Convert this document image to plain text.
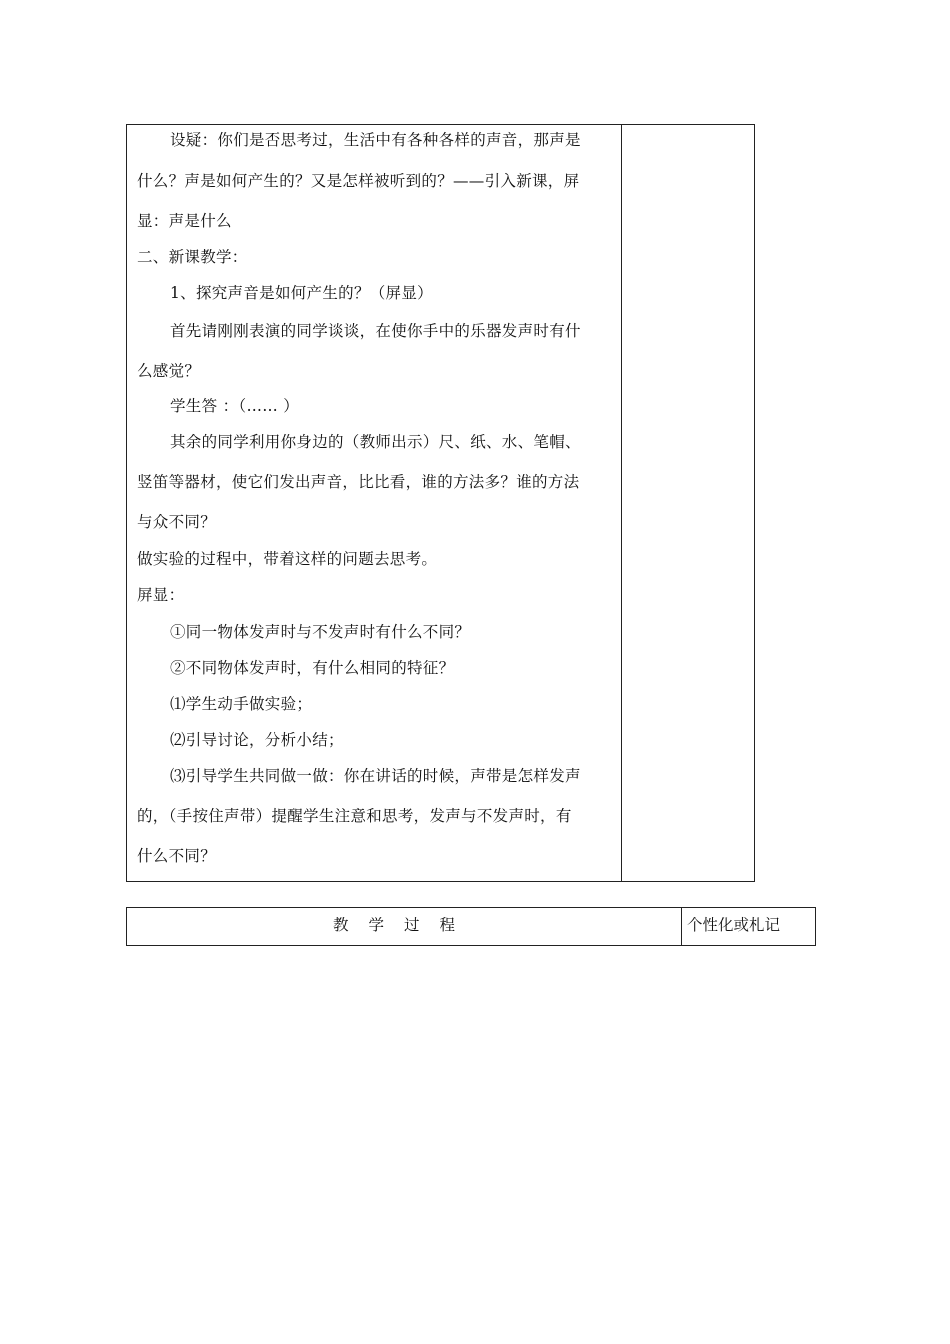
设疑：你们是否思考过，生活中有各种各样的声音，那声是
什么？声是如何产生的？又是怎样被听到的？——引入新课，屏
显：声是什么
二、新课教学：
1、探究声音是如何产生的？（屏显）
首先请刚刚表演的同学谈谈，在使你手中的乐器发声时有什
么感觉？
学生答 ：（…… ）
其余的同学利用你身边的（教师出示）尺、纸、水、笔帽、
竖笛等器材，使它们发出声音，比比看，谁的方法多？谁的方法
与众不同？
做实验的过程中，带着这样的问题去思考。
屏显：
①同一物体发声时与不发声时有什么不同？
②不同物体发声时，有什么相同的特征？
⑴学生动手做实验；
⑵引导讨论，分析小结；
⑶引导学生共同做一做：你在讲话的时候，声带是怎样发声
的，（手按住声带）提醒学生注意和思考，发声与不发声时，有
什么不同？
教学过程	个性化或札记
